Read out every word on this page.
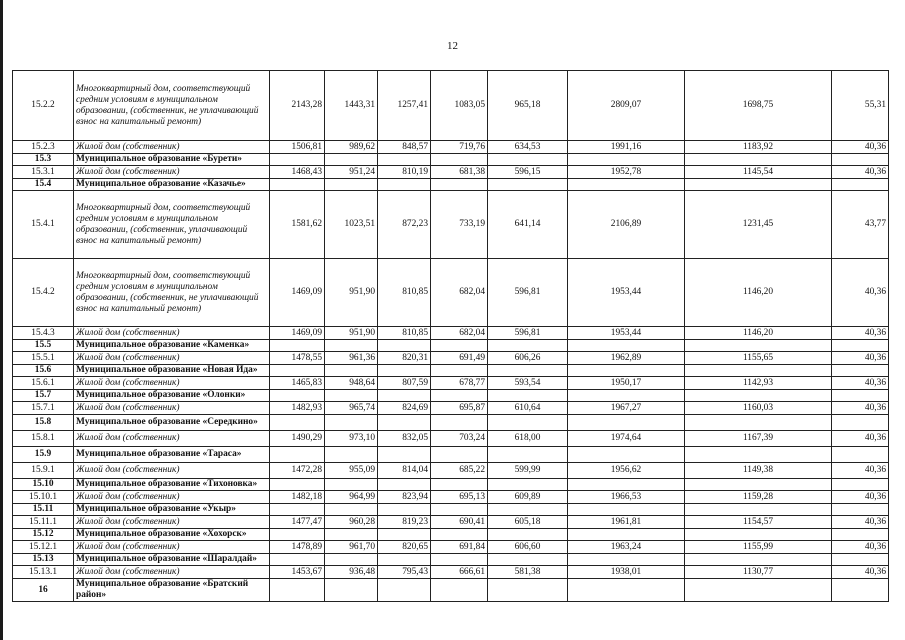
12
15.2.2	Многоквартирный дом, соответствующий средним условиям в муниципальном образовании, (собственник, не уплачивающий взнос на капитальный ремонт)	2143,28	1443,31	1257,41	1083,05	965,18	2809,07	1698,75	55,31
15.2.3	Жилой дом (собственник)	1506,81	989,62	848,57	719,76	634,53	1991,16	1183,92	40,36
15.3	Муниципальное образование «Бурети»								
15.3.1	Жилой дом (собственник)	1468,43	951,24	810,19	681,38	596,15	1952,78	1145,54	40,36
15.4	Муниципальное образование «Казачье»								
15.4.1	Многоквартирный дом, соответствующий средним условиям в муниципальном образовании, (собственник, уплачивающий взнос на капитальный ремонт)	1581,62	1023,51	872,23	733,19	641,14	2106,89	1231,45	43,77
15.4.2	Многоквартирный дом, соответствующий средним условиям в муниципальном образовании, (собственник, не уплачивающий взнос на капитальный ремонт)	1469,09	951,90	810,85	682,04	596,81	1953,44	1146,20	40,36
15.4.3	Жилой дом (собственник)	1469,09	951,90	810,85	682,04	596,81	1953,44	1146,20	40,36
15.5	Муниципальное образование «Каменка»								
15.5.1	Жилой дом (собственник)	1478,55	961,36	820,31	691,49	606,26	1962,89	1155,65	40,36
15.6	Муниципальное образование «Новая Ида»								
15.6.1	Жилой дом (собственник)	1465,83	948,64	807,59	678,77	593,54	1950,17	1142,93	40,36
15.7	Муниципальное образование «Олонки»								
15.7.1	Жилой дом (собственник)	1482,93	965,74	824,69	695,87	610,64	1967,27	1160,03	40,36
15.8	Муниципальное образование «Середкино»								
15.8.1	Жилой дом (собственник)	1490,29	973,10	832,05	703,24	618,00	1974,64	1167,39	40,36
15.9	Муниципальное образование «Тараса»								
15.9.1	Жилой дом (собственник)	1472,28	955,09	814,04	685,22	599,99	1956,62	1149,38	40,36
15.10	Муниципальное образование «Тихоновка»								
15.10.1	Жилой дом (собственник)	1482,18	964,99	823,94	695,13	609,89	1966,53	1159,28	40,36
15.11	Муниципальное образование «Укыр»								
15.11.1	Жилой дом (собственник)	1477,47	960,28	819,23	690,41	605,18	1961,81	1154,57	40,36
15.12	Муниципальное образование «Хохорск»								
15.12.1	Жилой дом (собственник)	1478,89	961,70	820,65	691,84	606,60	1963,24	1155,99	40,36
15.13	Муниципальное образование «Шаралдай»								
15.13.1	Жилой дом (собственник)	1453,67	936,48	795,43	666,61	581,38	1938,01	1130,77	40,36
16	Муниципальное образование «Братский район»								
